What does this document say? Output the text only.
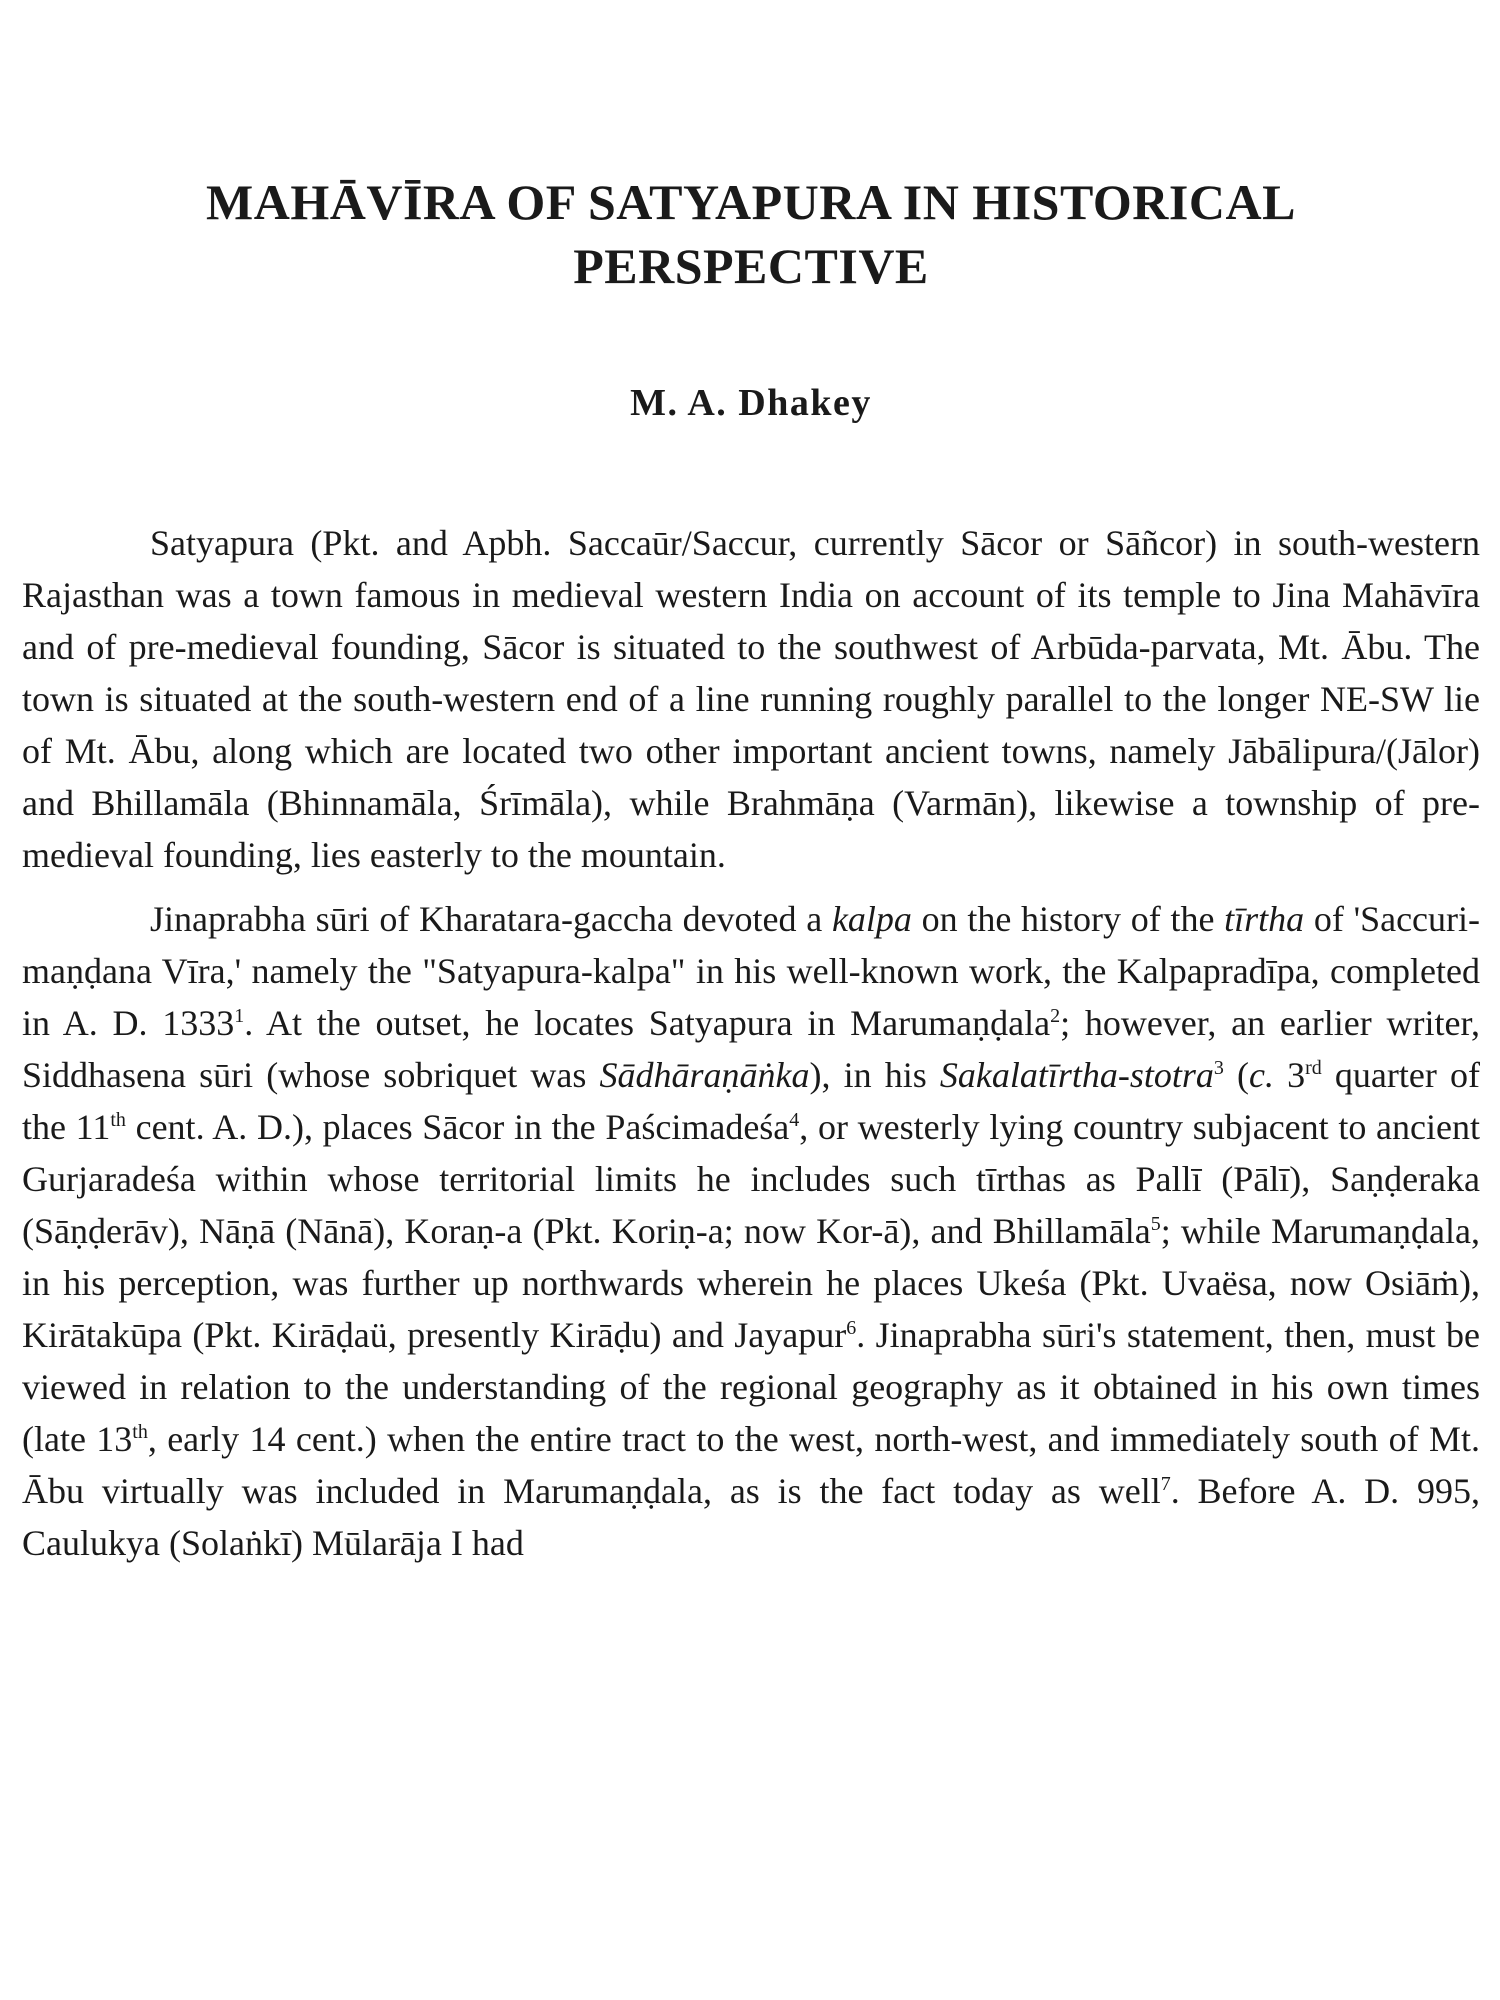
MAHĀVĪRA OF SATYAPURA IN HISTORICAL
PERSPECTIVE
M. A. Dhakey

Satyapura (Pkt. and Apbh. Saccaūr/Saccur, currently Sācor or Sāñcor) in south-western Rajasthan was a town famous in medieval western India on account of its temple to Jina Mahāvīra and of pre-medieval founding, Sācor is situated to the southwest of Arbūda-parvata, Mt. Ābu. The town is situated at the south-western end of a line running roughly parallel to the longer NE-SW lie of Mt. Ābu, along which are located two other important ancient towns, namely Jābālipura/(Jālor) and Bhillamāla (Bhinnamāla, Śrīmāla), while Brahmāṇa (Varmān), likewise a township of pre-medieval founding, lies easterly to the mountain.

Jinaprabha sūri of Kharatara-gaccha devoted a kalpa on the history of the tīrtha of 'Saccuri-maṇḍana Vīra,' namely the "Satyapura-kalpa" in his well-known work, the Kalpapradīpa, completed in A. D. 1333$^1$. At the outset, he locates Satyapura in Marumaṇḍala$^2$; however, an earlier writer, Siddhasena sūri (whose sobriquet was Sādhāraṇāṅka), in his Sakalatīrtha-stotra$^3$ (c. 3rd quarter of the 11th cent. A. D.), places Sācor in the Paścimadeśa$^4$, or westerly lying country subjacent to ancient Gurjaradeśa within whose territorial limits he includes such tīrthas as Pallī (Pālī), Saṇḍeraka (Sāṇḍerāv), Nāṇā (Nānā), Koraṇ-a (Pkt. Koriṇ-a; now Kor-ā), and Bhillamāla$^5$; while Marumaṇḍala, in his perception, was further up northwards wherein he places Ukeśa (Pkt. Uvaësa, now Osiāṁ), Kirātakūpa (Pkt. Kirāḍaü, presently Kirāḍu) and Jayapur$^6$. Jinaprabha sūri's statement, then, must be viewed in relation to the understanding of the regional geography as it obtained in his own times (late 13th, early 14 cent.) when the entire tract to the west, north-west, and immediately south of Mt. Ābu virtually was included in Marumaṇḍala, as is the fact today as well$^7$. Before A. D. 995, Caulukya (Solaṅkī) Mūlarāja I had
